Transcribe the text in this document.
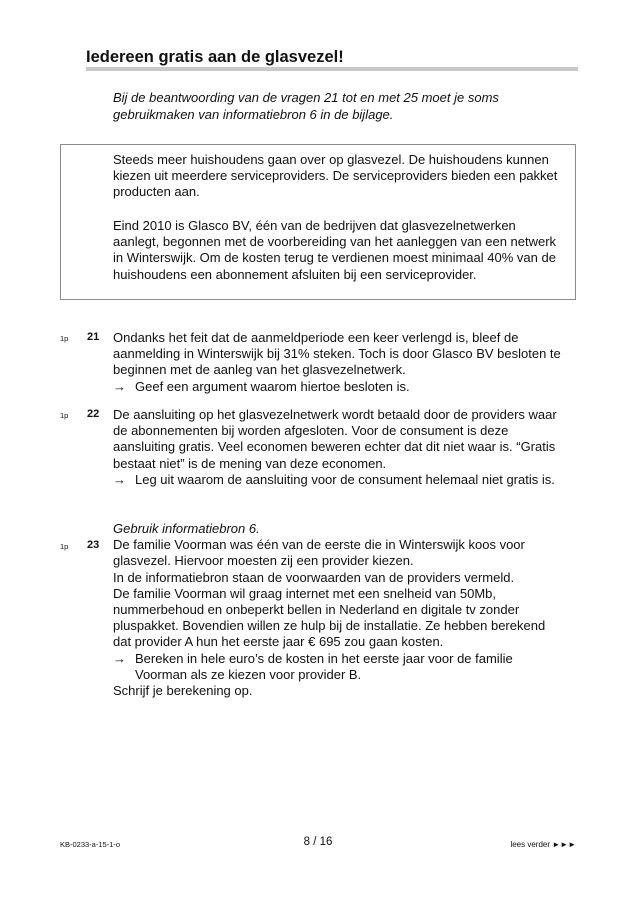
Iedereen gratis aan de glasvezel!
Bij de beantwoording van de vragen 21 tot en met 25 moet je soms gebruikmaken van informatiebron 6 in de bijlage.

Steeds meer huishoudens gaan over op glasvezel. De huishoudens kunnen kiezen uit meerdere serviceproviders. De serviceproviders bieden een pakket producten aan.

Eind 2010 is Glasco BV, één van de bedrijven dat glasvezelnetwerken aanlegt, begonnen met de voorbereiding van het aanleggen van een netwerk in Winterswijk. Om de kosten terug te verdienen moest minimaal 40% van de huishoudens een abonnement afsluiten bij een serviceprovider.

1p 21 Ondanks het feit dat de aanmeldperiode een keer verlengd is, bleef de aanmelding in Winterswijk bij 31% steken. Toch is door Glasco BV besloten te beginnen met de aanleg van het glasvezelnetwerk.
→ Geef een argument waarom hiertoe besloten is.
1p 22 De aansluiting op het glasvezelnetwerk wordt betaald door de providers waar de abonnementen bij worden afgesloten. Voor de consument is deze aansluiting gratis. Veel economen beweren echter dat dit niet waar is. “Gratis bestaat niet” is de mening van deze economen.
→ Leg uit waarom de aansluiting voor de consument helemaal niet gratis is.
Gebruik informatiebron 6.
De familie Voorman was één van de eerste die in Winterswijk koos voor glasvezel. Hiervoor moesten zij een provider kiezen.
In de informatiebron staan de voorwaarden van de providers vermeld.
De familie Voorman wil graag internet met een snelheid van 50Mb, nummerbehoud en onbeperkt bellen in Nederland en digitale tv zonder pluspakket. Bovendien willen ze hulp bij de installatie. Ze hebben berekend dat provider A hun het eerste jaar € 695 zou gaan kosten.
→ Bereken in hele euro’s de kosten in het eerste jaar voor de familie Voorman als ze kiezen voor provider B.
Schrijf je berekening op.
1p 23
KB-0233-a-15-1-o	8 / 16	lees verder ►►►
